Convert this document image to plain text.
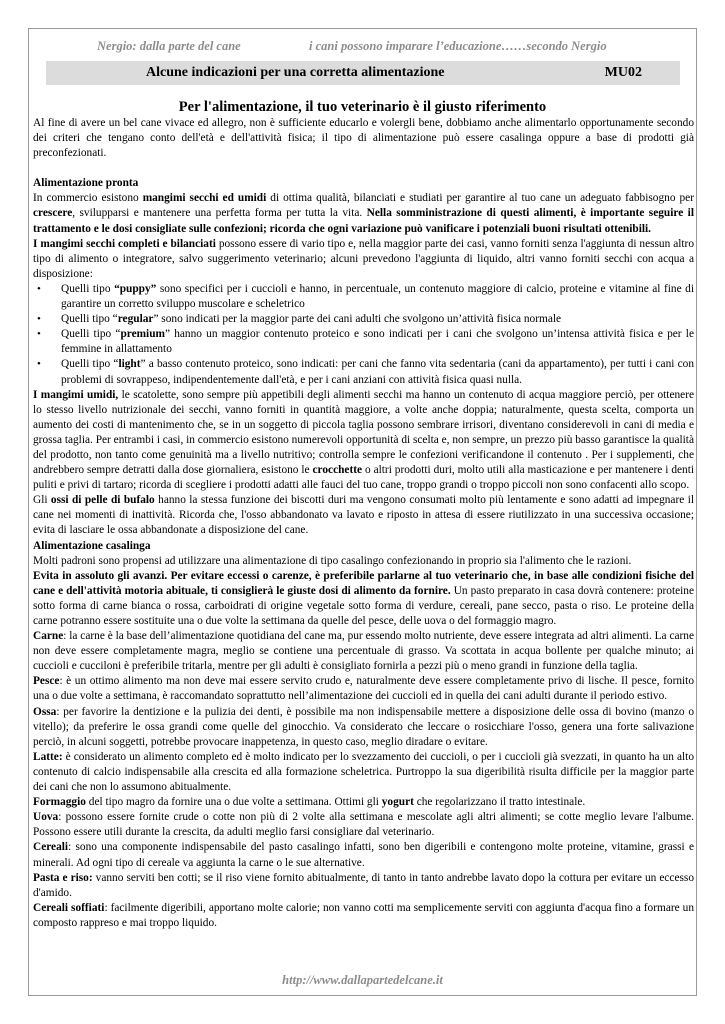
Nergio: dalla parte del cane	i cani possono imparare l’educazione……secondo Nergio
Alcune indicazioni per una corretta alimentazione	MU02
Per l'alimentazione, il tuo veterinario è il giusto riferimento

Al fine di avere un bel cane vivace ed allegro, non è sufficiente educarlo e volergli bene, dobbiamo anche alimentarlo opportunamente secondo dei criteri che tengano conto dell'età e dell'attività fisica; il tipo di alimentazione può essere casalinga oppure a base di prodotti già preconfezionati.

Alimentazione pronta

In commercio esistono mangimi secchi ed umidi di ottima qualità, bilanciati e studiati per garantire al tuo cane un adeguato fabbisogno per crescere, svilupparsi e mantenere una perfetta forma per tutta la vita. Nella somministrazione di questi alimenti, è importante seguire il trattamento e le dosi consigliate sulle confezioni; ricorda che ogni variazione può vanificare i potenziali buoni risultati ottenibili.

I mangimi secchi completi e bilanciati possono essere di vario tipo e, nella maggior parte dei casi, vanno forniti senza l'aggiunta di nessun altro tipo di alimento o integratore, salvo suggerimento veterinario; alcuni prevedono l'aggiunta di liquido, altri vanno forniti secchi con acqua a disposizione:

• Quelli tipo “puppy” sono specifici per i cuccioli e hanno, in percentuale, un contenuto maggiore di calcio, proteine e vitamine al fine di garantire un corretto sviluppo muscolare e scheletrico
• Quelli tipo “regular” sono indicati per la maggior parte dei cani adulti che svolgono un’attività fisica normale
• Quelli tipo “premium” hanno un maggior contenuto proteico e sono indicati per i cani che svolgono un’intensa attività fisica e per le femmine in allattamento
• Quelli tipo “light” a basso contenuto proteico, sono indicati: per cani che fanno vita sedentaria (cani da appartamento), per tutti i cani con problemi di sovrappeso, indipendentemente dall'età, e per i cani anziani con attività fisica quasi nulla.

I mangimi umidi, le scatolette, sono sempre più appetibili degli alimenti secchi ma hanno un contenuto di acqua maggiore perciò, per ottenere lo stesso livello nutrizionale dei secchi, vanno forniti in quantità maggiore, a volte anche doppia; naturalmente, questa scelta, comporta un aumento dei costi di mantenimento che, se in un soggetto di piccola taglia possono sembrare irrisori, diventano considerevoli in cani di media e grossa taglia. Per entrambi i casi, in commercio esistono numerevoli opportunità di scelta e, non sempre, un prezzo più basso garantisce la qualità del prodotto, non tanto come genuinità ma a livello nutritivo; controlla sempre le confezioni verificandone il contenuto . Per i supplementi, che andrebbero sempre detratti dalla dose giornaliera, esistono le crocchette o altri prodotti duri, molto utili alla masticazione e per mantenere i denti puliti e privi di tartaro; ricorda di scegliere i prodotti adatti alle fauci del tuo cane, troppo grandi o troppo piccoli non sono confacenti allo scopo.

Gli ossi di pelle di bufalo hanno la stessa funzione dei biscotti duri ma vengono consumati molto più lentamente e sono adatti ad impegnare il cane nei momenti di inattività. Ricorda che, l'osso abbandonato va lavato e riposto in attesa di essere riutilizzato in una successiva occasione; evita di lasciare le ossa abbandonate a disposizione del cane.

Alimentazione casalinga

Molti padroni sono propensi ad utilizzare una alimentazione di tipo casalingo confezionando in proprio sia l'alimento che le razioni.

Evita in assoluto gli avanzi. Per evitare eccessi o carenze, è preferibile parlarne al tuo veterinario che, in base alle condizioni fisiche del cane e dell'attività motoria abituale, ti consiglierà le giuste dosi di alimento da fornire. Un pasto preparato in casa dovrà contenere: proteine sotto forma di carne bianca o rossa, carboidrati di origine vegetale sotto forma di verdure, cereali, pane secco, pasta o riso. Le proteine della carne potranno essere sostituite una o due volte la settimana da quelle del pesce, delle uova o del formaggio magro.

Carne: la carne è la base dell’alimentazione quotidiana del cane ma, pur essendo molto nutriente, deve essere integrata ad altri alimenti. La carne non deve essere completamente magra, meglio se contiene una percentuale di grasso. Va scottata in acqua bollente per qualche minuto; ai cuccioli e cucciloni è preferibile tritarla, mentre per gli adulti è consigliato fornirla a pezzi più o meno grandi in funzione della taglia.

Pesce: è un ottimo alimento ma non deve mai essere servito crudo e, naturalmente deve essere completamente privo di lische. Il pesce, fornito una o due volte a settimana, è raccomandato soprattutto nell’alimentazione dei cuccioli ed in quella dei cani adulti durante il periodo estivo.

Ossa: per favorire la dentizione e la pulizia dei denti, è possibile ma non indispensabile mettere a disposizione delle ossa di bovino (manzo o vitello); da preferire le ossa grandi come quelle del ginocchio. Va considerato che leccare o rosicchiare l'osso, genera una forte salivazione perciò, in alcuni soggetti, potrebbe provocare inappetenza, in questo caso, meglio diradare o evitare.

Latte: è considerato un alimento completo ed è molto indicato per lo svezzamento dei cuccioli, o per i cuccioli già svezzati, in quanto ha un alto contenuto di calcio indispensabile alla crescita ed alla formazione scheletrica. Purtroppo la sua digeribilità risulta difficile per la maggior parte dei cani che non lo assumono abitualmente.

Formaggio del tipo magro da fornire una o due volte a settimana. Ottimi gli yogurt che regolarizzano il tratto intestinale.

Uova: possono essere fornite crude o cotte non più di 2 volte alla settimana e mescolate agli altri alimenti; se cotte meglio levare l'albume. Possono essere utili durante la crescita, da adulti meglio farsi consigliare dal veterinario.

Cereali: sono una componente indispensabile del pasto casalingo infatti, sono ben digeribili e contengono molte proteine, vitamine, grassi e minerali. Ad ogni tipo di cereale va aggiunta la carne o le sue alternative.

Pasta e riso: vanno serviti ben cotti; se il riso viene fornito abitualmente, di tanto in tanto andrebbe lavato dopo la cottura per evitare un eccesso d'amido.

Cereali soffiati: facilmente digeribili, apportano molte calorie; non vanno cotti ma semplicemente serviti con aggiunta d'acqua fino a formare un composto rappreso e mai troppo liquido.

http://www.dallapartedelcane.it
